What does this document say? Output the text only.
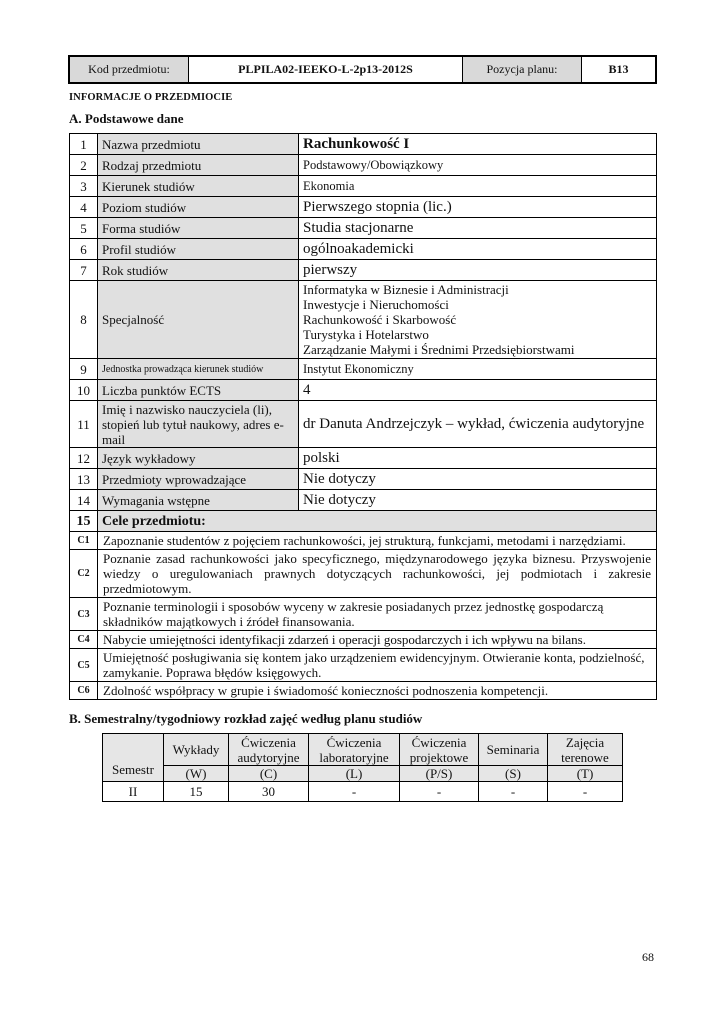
Kod przedmiotu:	PLPILA02-IEEKO-L-2p13-2012S	Pozycja planu:	B13
INFORMACJE O PRZEDMIOCIE
A. Podstawowe dane
1	Nazwa przedmiotu	Rachunkowość I
2	Rodzaj przedmiotu	Podstawowy/Obowiązkowy
3	Kierunek studiów	Ekonomia
4	Poziom studiów	Pierwszego stopnia (lic.)
5	Forma studiów	Studia stacjonarne
6	Profil studiów	ogólnoakademicki
7	Rok studiów	pierwszy
8	Specjalność	Informatyka w Biznesie i Administracji
Inwestycje i Nieruchomości
Rachunkowość i Skarbowość
Turystyka i Hotelarstwo
Zarządzanie Małymi i Średnimi Przedsiębiorstwami

9	Jednostka prowadząca kierunek studiów	Instytut Ekonomiczny
10	Liczba punktów ECTS	4
11	Imię i nazwisko nauczyciela (li), stopień lub tytuł naukowy, adres e-mail	dr Danuta Andrzejczyk – wykład, ćwiczenia audytoryjne
12	Język wykładowy	polski
13	Przedmioty wprowadzające	Nie dotyczy
14	Wymagania wstępne	Nie dotyczy
15	Cele przedmiotu:	
C1	Zapoznanie studentów z pojęciem rachunkowości, jej strukturą, funkcjami, metodami i narzędziami.	
C2	Poznanie zasad rachunkowości jako specyficznego, międzynarodowego języka biznesu. Przyswojenie wiedzy o uregulowaniach prawnych dotyczących rachunkowości, jej podmiotach i zakresie przedmiotowym.	
C3	Poznanie terminologii i sposobów wyceny w zakresie posiadanych przez jednostkę gospodarczą składników majątkowych i źródeł finansowania.	
C4	Nabycie umiejętności identyfikacji zdarzeń i operacji gospodarczych i ich wpływu na bilans.	
C5	Umiejętność posługiwania się kontem jako urządzeniem ewidencyjnym. Otwieranie konta, podzielność, zamykanie. Poprawa błędów księgowych.	
C6	Zdolność współpracy w grupie i świadomość konieczności podnoszenia kompetencji.	
B. Semestralny/tygodniowy rozkład zajęć według planu studiów
Semestr	Wykłady	Ćwiczenia audytoryjne	Ćwiczenia laboratoryjne	Ćwiczenia projektowe	Seminaria	Zajęcia terenowe
	(W)	(C)	(L)	(P/S)	(S)	(T)
II	15	30	-	-	-	-
68
